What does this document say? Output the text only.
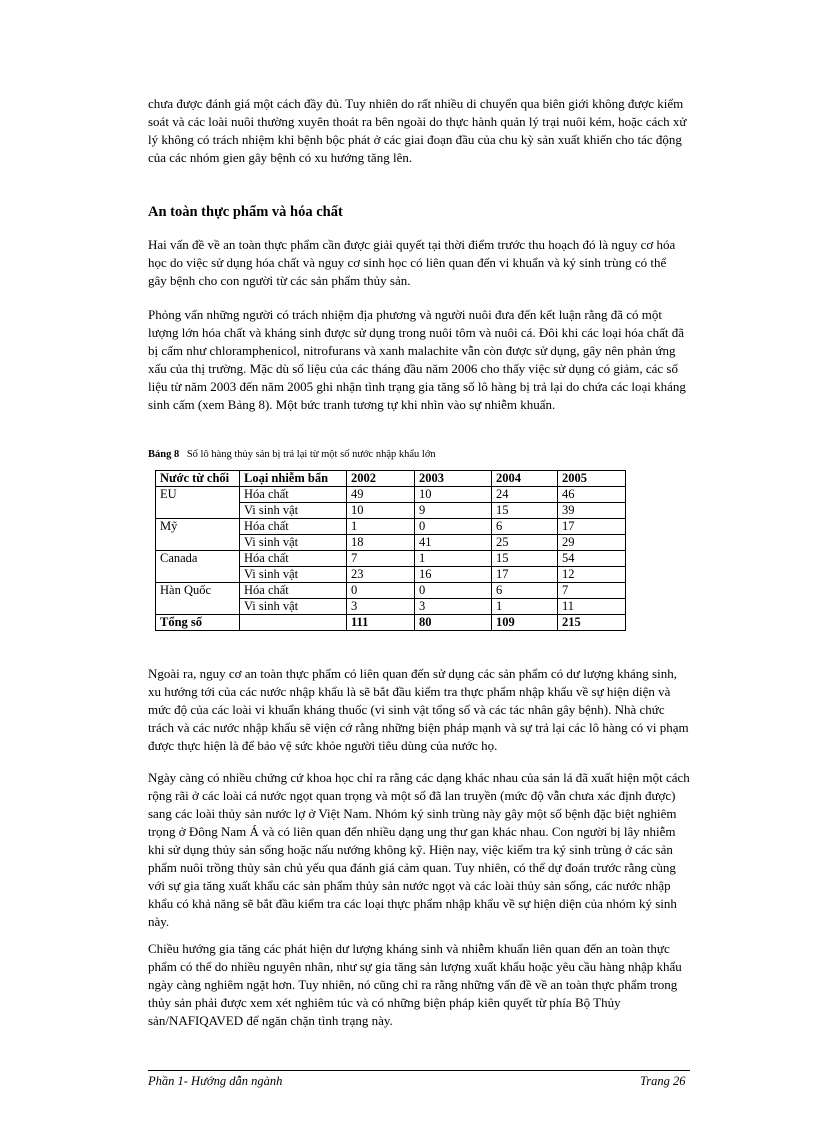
chưa được đánh giá một cách đầy đủ. Tuy nhiên do rất nhiều di chuyển qua biên giới không được kiểm soát và các loài nuôi thường xuyên thoát ra bên ngoài do thực hành quản lý trại nuôi kém, hoặc cách xử lý không có trách nhiệm khi bệnh bộc phát ở các giai đoạn đầu của chu kỳ sản xuất khiến cho tác động của các nhóm gien gây bệnh có xu hướng tăng lên.

An toàn thực phẩm và hóa chất

Hai vấn đề về an toàn thực phẩm cần được giải quyết tại thời điểm trước thu hoạch đó là nguy cơ hóa học do việc sử dụng hóa chất và nguy cơ sinh học có liên quan đến vi khuẩn và ký sinh trùng có thể gây bệnh cho con người từ các sản phẩm thủy sản.

Phỏng vấn những người có trách nhiệm địa phương và người nuôi đưa đến kết luận rằng đã có một lượng lớn hóa chất và kháng sinh được sử dụng trong nuôi tôm và nuôi cá. Đôi khi các loại hóa chất đã bị cấm như chloramphenicol, nitrofurans và xanh malachite vẫn còn được sử dụng, gây nên phản ứng xấu của thị trường. Mặc dù số liệu của các tháng đầu năm 2006 cho thấy việc sử dụng có giảm, các số liệu từ năm 2003 đến năm 2005 ghi nhận tình trạng gia tăng số lô hàng bị trả lại do chứa các loại kháng sinh cấm (xem Bảng 8). Một bức tranh tương tự khi nhìn vào sự nhiễm khuẩn.

Bảng 8 Số lô hàng thủy sản bị trả lại từ một số nước nhập khẩu lớn

Nước từ chối	Loại nhiễm bẩn	2002	2003	2004	2005
EU	Hóa chất	49	10	24	46
	Vi sinh vật	10	9	15	39
Mỹ	Hóa chất	1	0	6	17
	Vi sinh vật	18	41	25	29
Canada	Hóa chất	7	1	15	54
	Vi sinh vật	23	16	17	12
Hàn Quốc	Hóa chất	0	0	6	7
	Vi sinh vật	3	3	1	11
Tổng số		111	80	109	215

Ngoài ra, nguy cơ an toàn thực phẩm có liên quan đến sử dụng các sản phẩm có dư lượng kháng sinh, xu hướng tới của các nước nhập khẩu là sẽ bắt đầu kiểm tra thực phẩm nhập khẩu về sự hiện diện và mức độ của các loài vi khuẩn kháng thuốc (vi sinh vật tổng số và các tác nhân gây bệnh). Nhà chức trách và các nước nhập khẩu sẽ viện cớ rằng những biện pháp mạnh và sự trả lại các lô hàng có vi phạm được thực hiện là để bảo vệ sức khỏe người tiêu dùng của nước họ.

Ngày càng có nhiều chứng cứ khoa học chỉ ra rằng các dạng khác nhau của sán lá đã xuất hiện một cách rộng rãi ở các loài cá nước ngọt quan trọng và một số đã lan truyền (mức độ vẫn chưa xác định được) sang các loài thủy sản nước lợ ở Việt Nam. Nhóm ký sinh trùng này gây một số bệnh đặc biệt nghiêm trọng ở Đông Nam Á và có liên quan đến nhiều dạng ung thư gan khác nhau. Con người bị lây nhiễm khi sử dụng thủy sản sống hoặc nấu nướng không kỹ. Hiện nay, việc kiểm tra ký sinh trùng ở các sản phẩm nuôi trồng thủy sản chủ yếu qua đánh giá cảm quan. Tuy nhiên, có thể dự đoán trước rằng cùng với sự gia tăng xuất khẩu các sản phẩm thủy sản nước ngọt và các loài thủy sản sống, các nước nhập khẩu có khả năng sẽ bắt đầu kiểm tra các loại thực phẩm nhập khẩu về sự hiện diện của nhóm ký sinh này.

Chiều hướng gia tăng các phát hiện dư lượng kháng sinh và nhiễm khuẩn liên quan đến an toàn thực phẩm có thể do nhiều nguyên nhân, như sự gia tăng sản lượng xuất khẩu hoặc yêu cầu hàng nhập khẩu ngày càng nghiêm ngặt hơn. Tuy nhiên, nó cũng chỉ ra rằng những vấn đề về an toàn thực phẩm trong thủy sản phải được xem xét nghiêm túc và có những biện pháp kiên quyết từ phía Bộ Thủy sản/NAFIQAVED để ngăn chặn tình trạng này.

Phần 1- Hướng dẫn ngành	Trang 26
